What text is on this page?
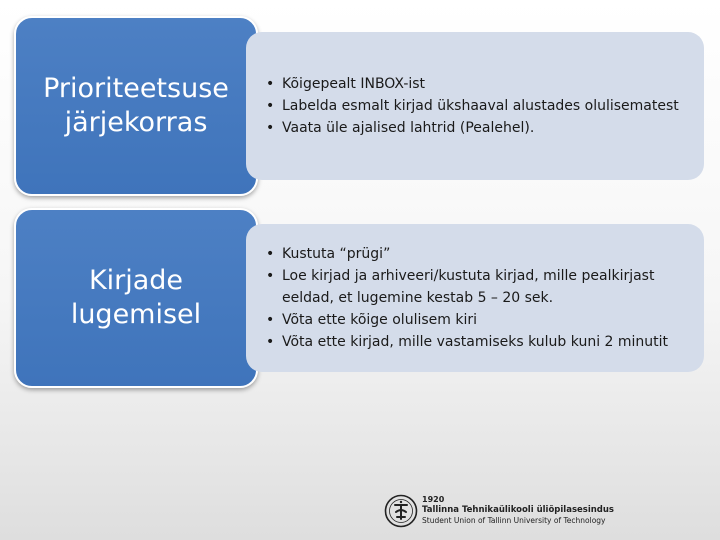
Prioriteetsuse järjekorras
• Kõigepealt INBOX-ist
• Labelda esmalt kirjad ükshaaval alustades olulisematest
• Vaata üle ajalised lahtrid (Pealehel).
Kirjade lugemisel
• Kustuta “prügi”
• Loe kirjad ja arhiveeri/kustuta kirjad, mille pealkirjast eeldad, et lugemine kestab 5 – 20 sek.
• Võta ette kõige olulisem kiri
• Võta ette kirjad, mille vastamiseks kulub kuni 2 minutit
1920
Tallinna Tehnikaülikooli üliõpilasesindus
Student Union of Tallinn University of Technology
